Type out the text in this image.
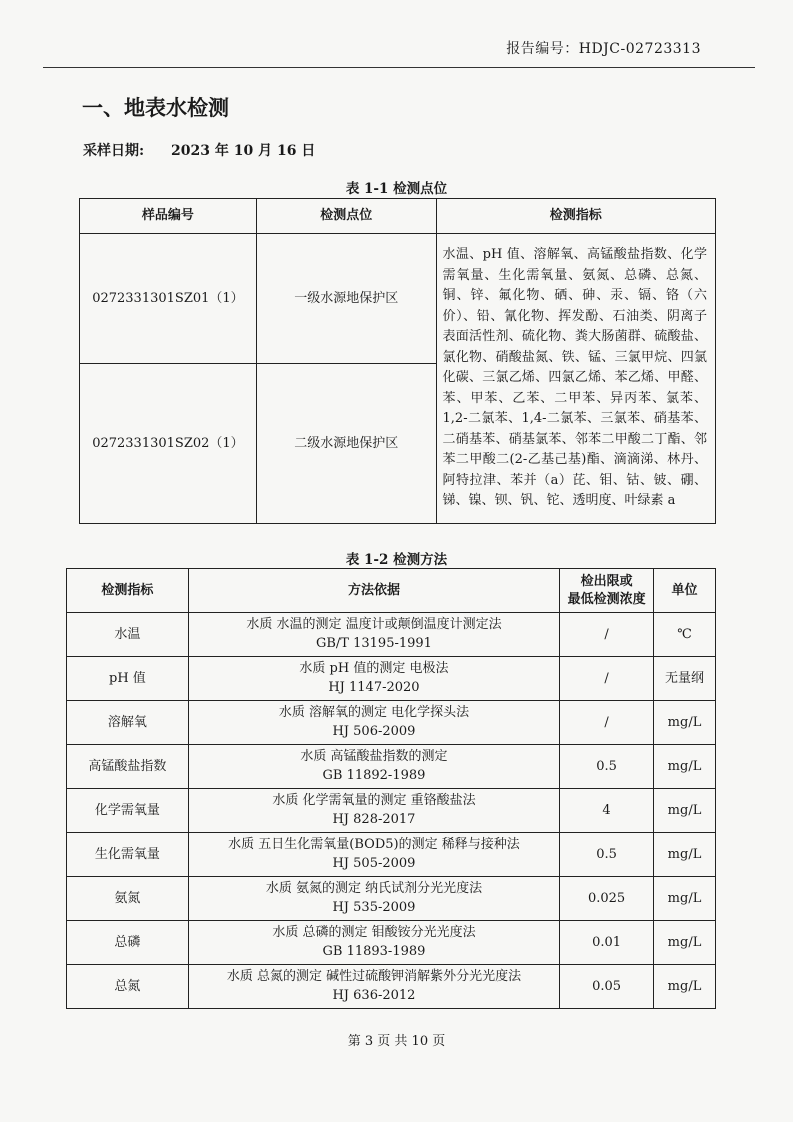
报告编号：HDJC-02723313
一、地表水检测
采样日期: 2023 年 10 月 16 日
表 1-1 检测点位
样品编号	检测点位	检测指标
0272331301SZ01（1）	一级水源地保护区	水温、pH 值、溶解氧、高锰酸盐指数、化学需氧量、生化需氧量、氨氮、总磷、总氮、铜、锌、氟化物、硒、砷、汞、镉、铬（六价）、铅、氰化物、挥发酚、石油类、阴离子表面活性剂、硫化物、粪大肠菌群、硫酸盐、氯化物、硝酸盐氮、铁、锰、三氯甲烷、四氯化碳、三氯乙烯、四氯乙烯、苯乙烯、甲醛、苯、甲苯、乙苯、二甲苯、异丙苯、氯苯、1,2-二氯苯、1,4-二氯苯、三氯苯、硝基苯、二硝基苯、硝基氯苯、邻苯二甲酸二丁酯、邻苯二甲酸二(2-乙基己基)酯、滴滴涕、林丹、阿特拉津、苯并（a）芘、钼、钴、铍、硼、锑、镍、钡、钒、铊、透明度、叶绿素 a
0272331301SZ02（1）	二级水源地保护区	
表 1-2 检测方法
检测指标	方法依据	检出限或
最低检测浓度	单位
水温	水质 水温的测定 温度计或颠倒温度计测定法
GB/T 13195-1991	/	℃
pH 值	水质 pH 值的测定 电极法
HJ 1147-2020	/	无量纲
溶解氧	水质 溶解氧的测定 电化学探头法
HJ 506-2009	/	mg/L
高锰酸盐指数	水质 高锰酸盐指数的测定
GB 11892-1989	0.5	mg/L
化学需氧量	水质 化学需氧量的测定 重铬酸盐法
HJ 828-2017	4	mg/L
生化需氧量	水质 五日生化需氧量(BOD5)的测定 稀释与接种法
HJ 505-2009	0.5	mg/L
氨氮	水质 氨氮的测定 纳氏试剂分光光度法
HJ 535-2009	0.025	mg/L
总磷	水质 总磷的测定 钼酸铵分光光度法
GB 11893-1989	0.01	mg/L
总氮	水质 总氮的测定 碱性过硫酸钾消解紫外分光光度法
HJ 636-2012	0.05	mg/L
第 3 页 共 10 页
